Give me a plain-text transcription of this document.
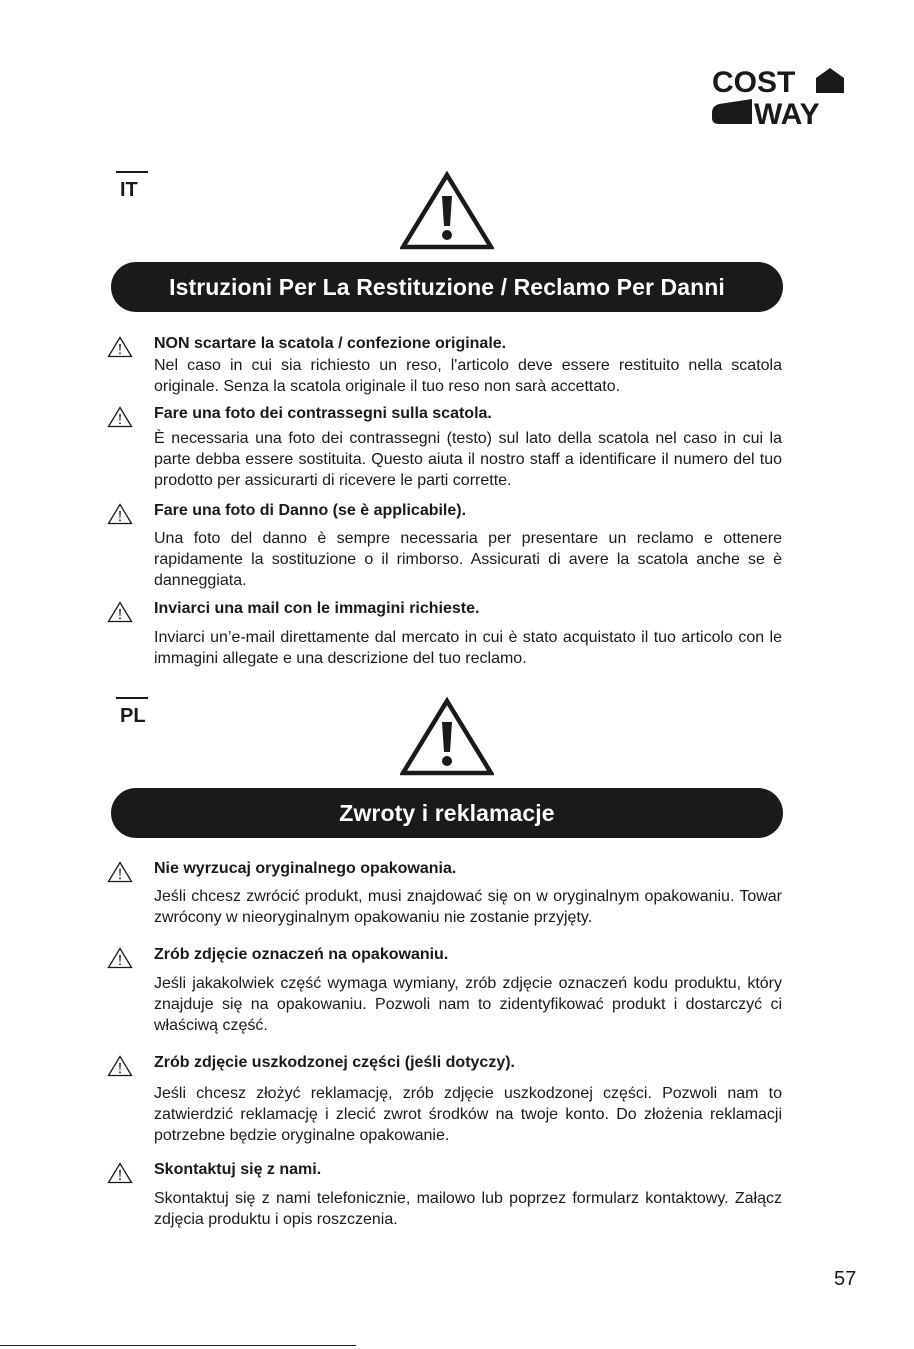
COST
WAY
IT
Istruzioni Per La Restituzione / Reclamo Per Danni
NON scartare la scatola / confezione originale.
Nel caso in cui sia richiesto un reso, l'articolo deve essere restituito nella scatola originale. Senza la scatola originale il tuo reso non sarà accettato.
Fare una foto dei contrassegni sulla scatola.
È necessaria una foto dei contrassegni (testo) sul lato della scatola nel caso in cui la parte debba essere sostituita. Questo aiuta il nostro staff a identificare il numero del tuo prodotto per assicurarti di ricevere le parti corrette.
Fare una foto di Danno (se è applicabile).
Una foto del danno è sempre necessaria per presentare un reclamo e ottenere rapidamente la sostituzione o il rimborso. Assicurati di avere la scatola anche se è danneggiata.
Inviarci una mail con le immagini richieste.
Inviarci un’e-mail direttamente dal mercato in cui è stato acquistato il tuo articolo con le immagini allegate e una descrizione del tuo reclamo.
PL
Zwroty i reklamacje
Nie wyrzucaj oryginalnego opakowania.
Jeśli chcesz zwrócić produkt, musi znajdować się on w oryginalnym opakowaniu. Towar zwrócony w nieoryginalnym opakowaniu nie zostanie przyjęty.
Zrób zdjęcie oznaczeń na opakowaniu.
Jeśli jakakolwiek część wymaga wymiany, zrób zdjęcie oznaczeń kodu produktu, który znajduje się na opakowaniu. Pozwoli nam to zidentyfikować produkt i dostarczyć ci właściwą część.
Zrób zdjęcie uszkodzonej części (jeśli dotyczy).
Jeśli chcesz złożyć reklamację, zrób zdjęcie uszkodzonej części. Pozwoli nam to zatwierdzić reklamację i zlecić zwrot środków na twoje konto. Do złożenia reklamacji potrzebne będzie oryginalne opakowanie.
Skontaktuj się z nami.
Skontaktuj się z nami telefonicznie, mailowo lub poprzez formularz kontaktowy. Załącz zdjęcia produktu i opis roszczenia.
57
